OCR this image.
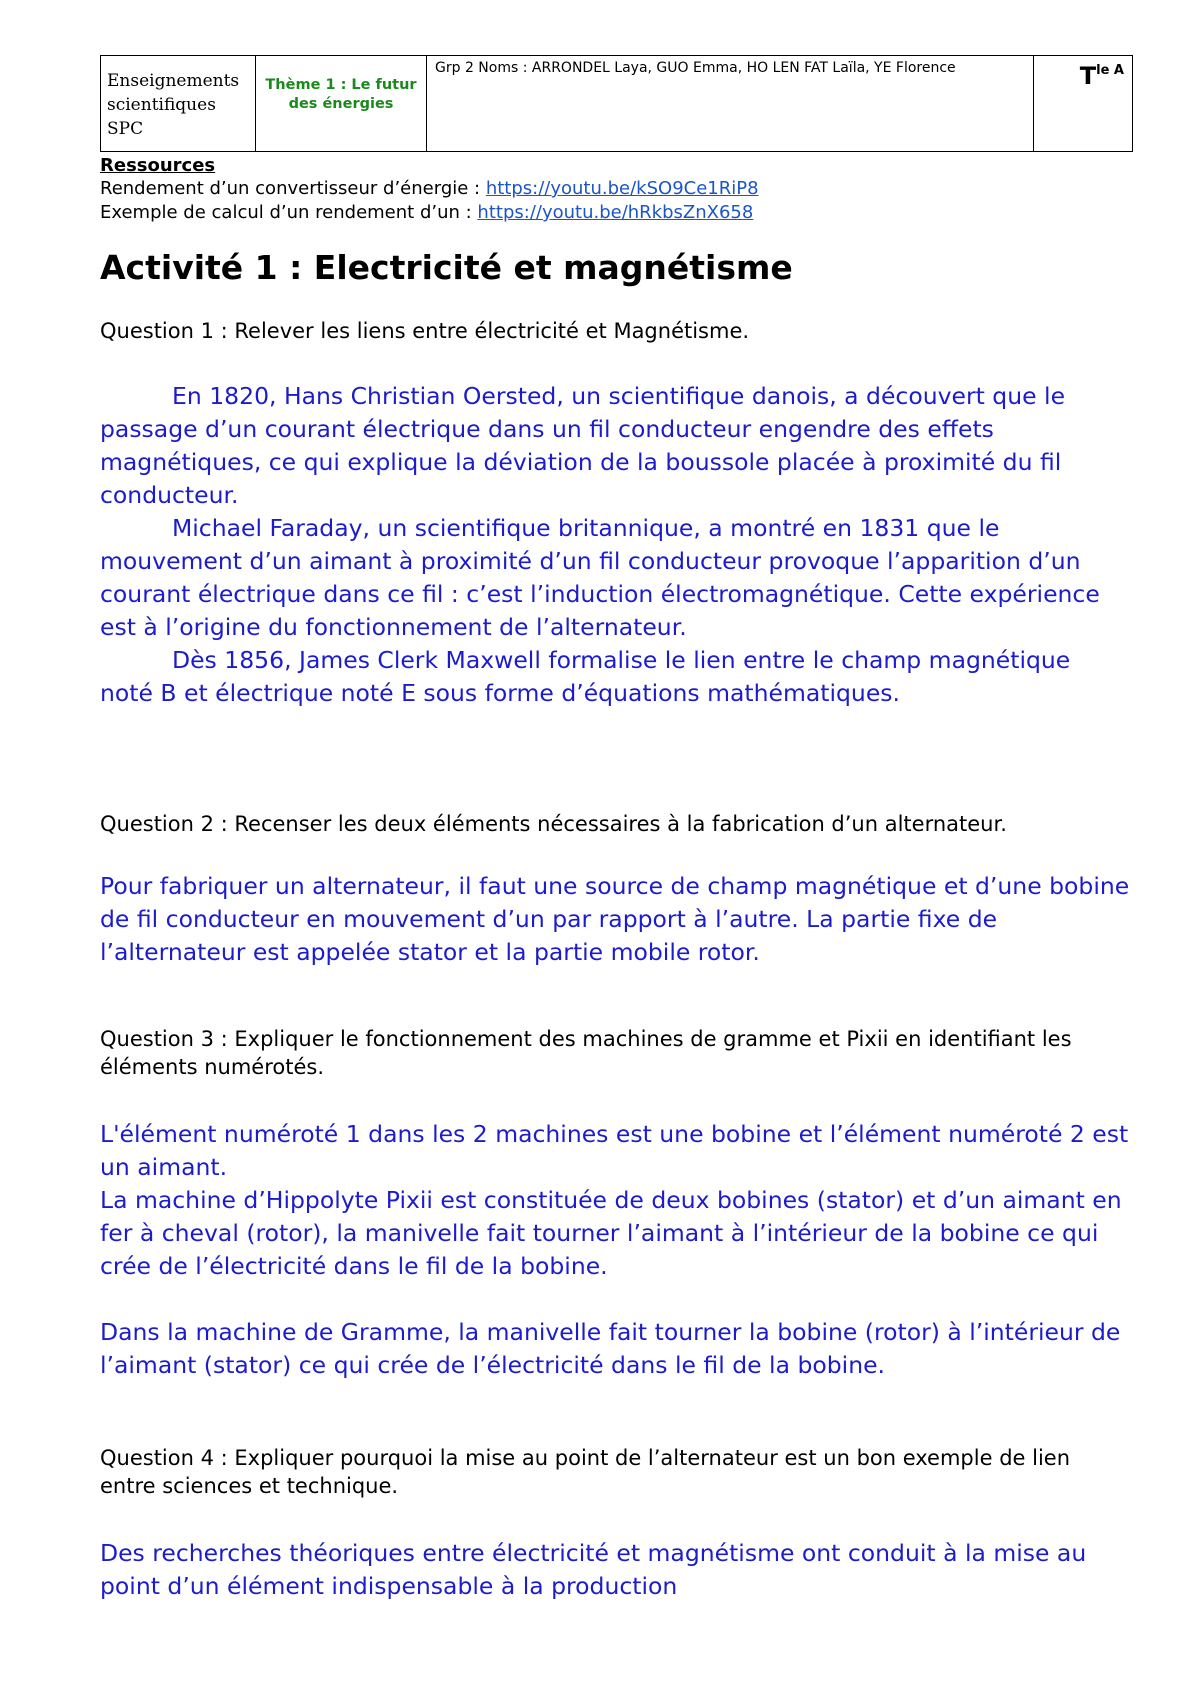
Enseignements
scientifiques
SPC
Thème 1 : Le futur des énergies
Grp 2 Noms : ARRONDEL Laya, GUO Emma, HO LEN FAT Laïla, YE Florence	$T^{le A}$
Ressources
Rendement d’un convertisseur d’énergie : https://youtu.be/kSO9Ce1RiP8
Exemple de calcul d’un rendement d’un : https://youtu.be/hRkbsZnX658
Activité 1 : Electricité et magnétisme
Question 1 : Relever les liens entre électricité et Magnétisme.

En 1820, Hans Christian Oersted, un scientifique danois, a découvert que le passage d’un courant électrique dans un fil conducteur engendre des effets magnétiques, ce qui explique la déviation de la boussole placée à proximité du fil conducteur.

Michael Faraday, un scientifique britannique, a montré en 1831 que le mouvement d’un aimant à proximité d’un fil conducteur provoque l’apparition d’un courant électrique dans ce fil : c’est l’induction électromagnétique. Cette expérience est à l’origine du fonctionnement de l’alternateur.

Dès 1856, James Clerk Maxwell formalise le lien entre le champ magnétique noté B et électrique noté E sous forme d’équations mathématiques.

Question 2 : Recenser les deux éléments nécessaires à la fabrication d’un alternateur.
Pour fabriquer un alternateur, il faut une source de champ magnétique et d’une bobine de fil conducteur en mouvement d’un par rapport à l’autre. La partie fixe de l’alternateur est appelée stator et la partie mobile rotor.
Question 3 : Expliquer le fonctionnement des machines de gramme et Pixii en identifiant les éléments numérotés.

L'élément numéroté 1 dans les 2 machines est une bobine et l’élément numéroté 2 est un aimant.

La machine d’Hippolyte Pixii est constituée de deux bobines (stator) et d’un aimant en fer à cheval (rotor), la manivelle fait tourner l’aimant à l’intérieur de la bobine ce qui crée de l’électricité dans le fil de la bobine.

Dans la machine de Gramme, la manivelle fait tourner la bobine (rotor) à l’intérieur de l’aimant (stator) ce qui crée de l’électricité dans le fil de la bobine.

Question 4 : Expliquer pourquoi la mise au point de l’alternateur est un bon exemple de lien entre sciences et technique.
Des recherches théoriques entre électricité et magnétisme ont conduit à la mise au point d’un élément indispensable à la production
